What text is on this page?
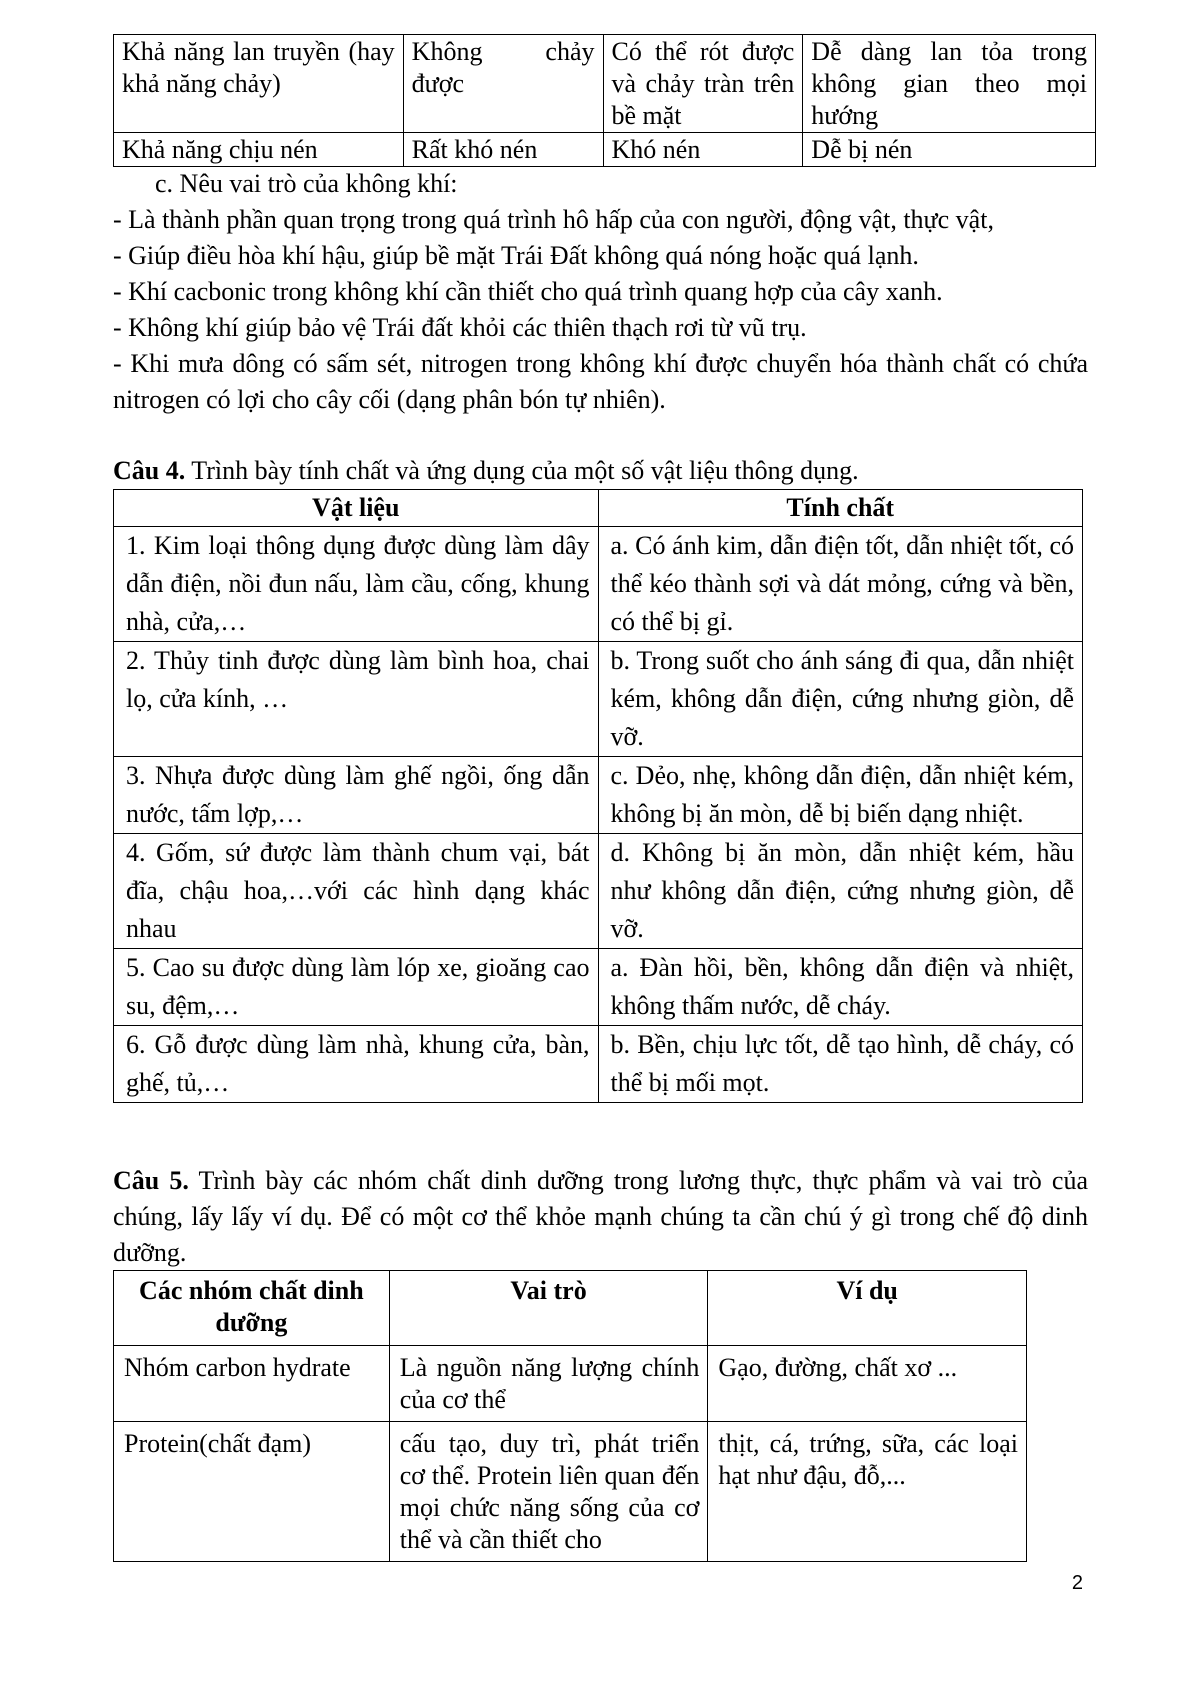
Khả năng lan truyền (hay khả năng chảy)	Không chảy được	Có thể rót được và chảy tràn trên bề mặt	Dễ dàng lan tỏa trong không gian theo mọi hướng
Khả năng chịu nén	Rất khó nén	Khó nén	Dễ bị nén
c. Nêu vai trò của không khí:
- Là thành phần quan trọng trong quá trình hô hấp của con người, động vật, thực vật,
- Giúp điều hòa khí hậu, giúp bề mặt Trái Đất không quá nóng hoặc quá lạnh.
- Khí cacbonic trong không khí cần thiết cho quá trình quang hợp của cây xanh.
- Không khí giúp bảo vệ Trái đất khỏi các thiên thạch rơi từ vũ trụ.
- Khi mưa dông có sấm sét, nitrogen trong không khí được chuyển hóa thành chất có chứa nitrogen có lợi cho cây cối (dạng phân bón tự nhiên).
Câu 4. Trình bày tính chất và ứng dụng của một số vật liệu thông dụng.
Vật liệu	Tính chất
1. Kim loại thông dụng được dùng làm dây dẫn điện, nồi đun nấu, làm cầu, cống, khung nhà, cửa,…	a. Có ánh kim, dẫn điện tốt, dẫn nhiệt tốt, có thể kéo thành sợi và dát mỏng, cứng và bền, có thể bị gỉ.
2. Thủy tinh được dùng làm bình hoa, chai lọ, cửa kính, …	b. Trong suốt cho ánh sáng đi qua, dẫn nhiệt kém, không dẫn điện, cứng nhưng giòn, dễ vỡ.
3. Nhựa được dùng làm ghế ngồi, ống dẫn nước, tấm lợp,…	c. Dẻo, nhẹ, không dẫn điện, dẫn nhiệt kém, không bị ăn mòn, dễ bị biến dạng nhiệt.
4. Gốm, sứ được làm thành chum vại, bát đĩa, chậu hoa,…với các hình dạng khác nhau	d. Không bị ăn mòn, dẫn nhiệt kém, hầu như không dẫn điện, cứng nhưng giòn, dễ vỡ.
5. Cao su được dùng làm lóp xe, gioăng cao su, đệm,…	a. Đàn hồi, bền, không dẫn điện và nhiệt, không thấm nước, dễ cháy.
6. Gỗ được dùng làm nhà, khung cửa, bàn, ghế, tủ,…	b. Bền, chịu lực tốt, dễ tạo hình, dễ cháy, có thể bị mối mọt.
Câu 5. Trình bày các nhóm chất dinh dưỡng trong lương thực, thực phẩm và vai trò của chúng, lấy lấy ví dụ. Để có một cơ thể khỏe mạnh chúng ta cần chú ý gì trong chế độ dinh dưỡng.
Các nhóm chất dinh dưỡng	Vai trò	Ví dụ
Nhóm carbon hydrate	Là nguồn năng lượng chính của cơ thể	Gạo, đường, chất xơ ...
Protein(chất đạm)	cấu tạo, duy trì, phát triển cơ thể. Protein liên quan đến mọi chức năng sống của cơ thể và cần thiết cho	thịt, cá, trứng, sữa, các loại hạt như đậu, đỗ,...
2
